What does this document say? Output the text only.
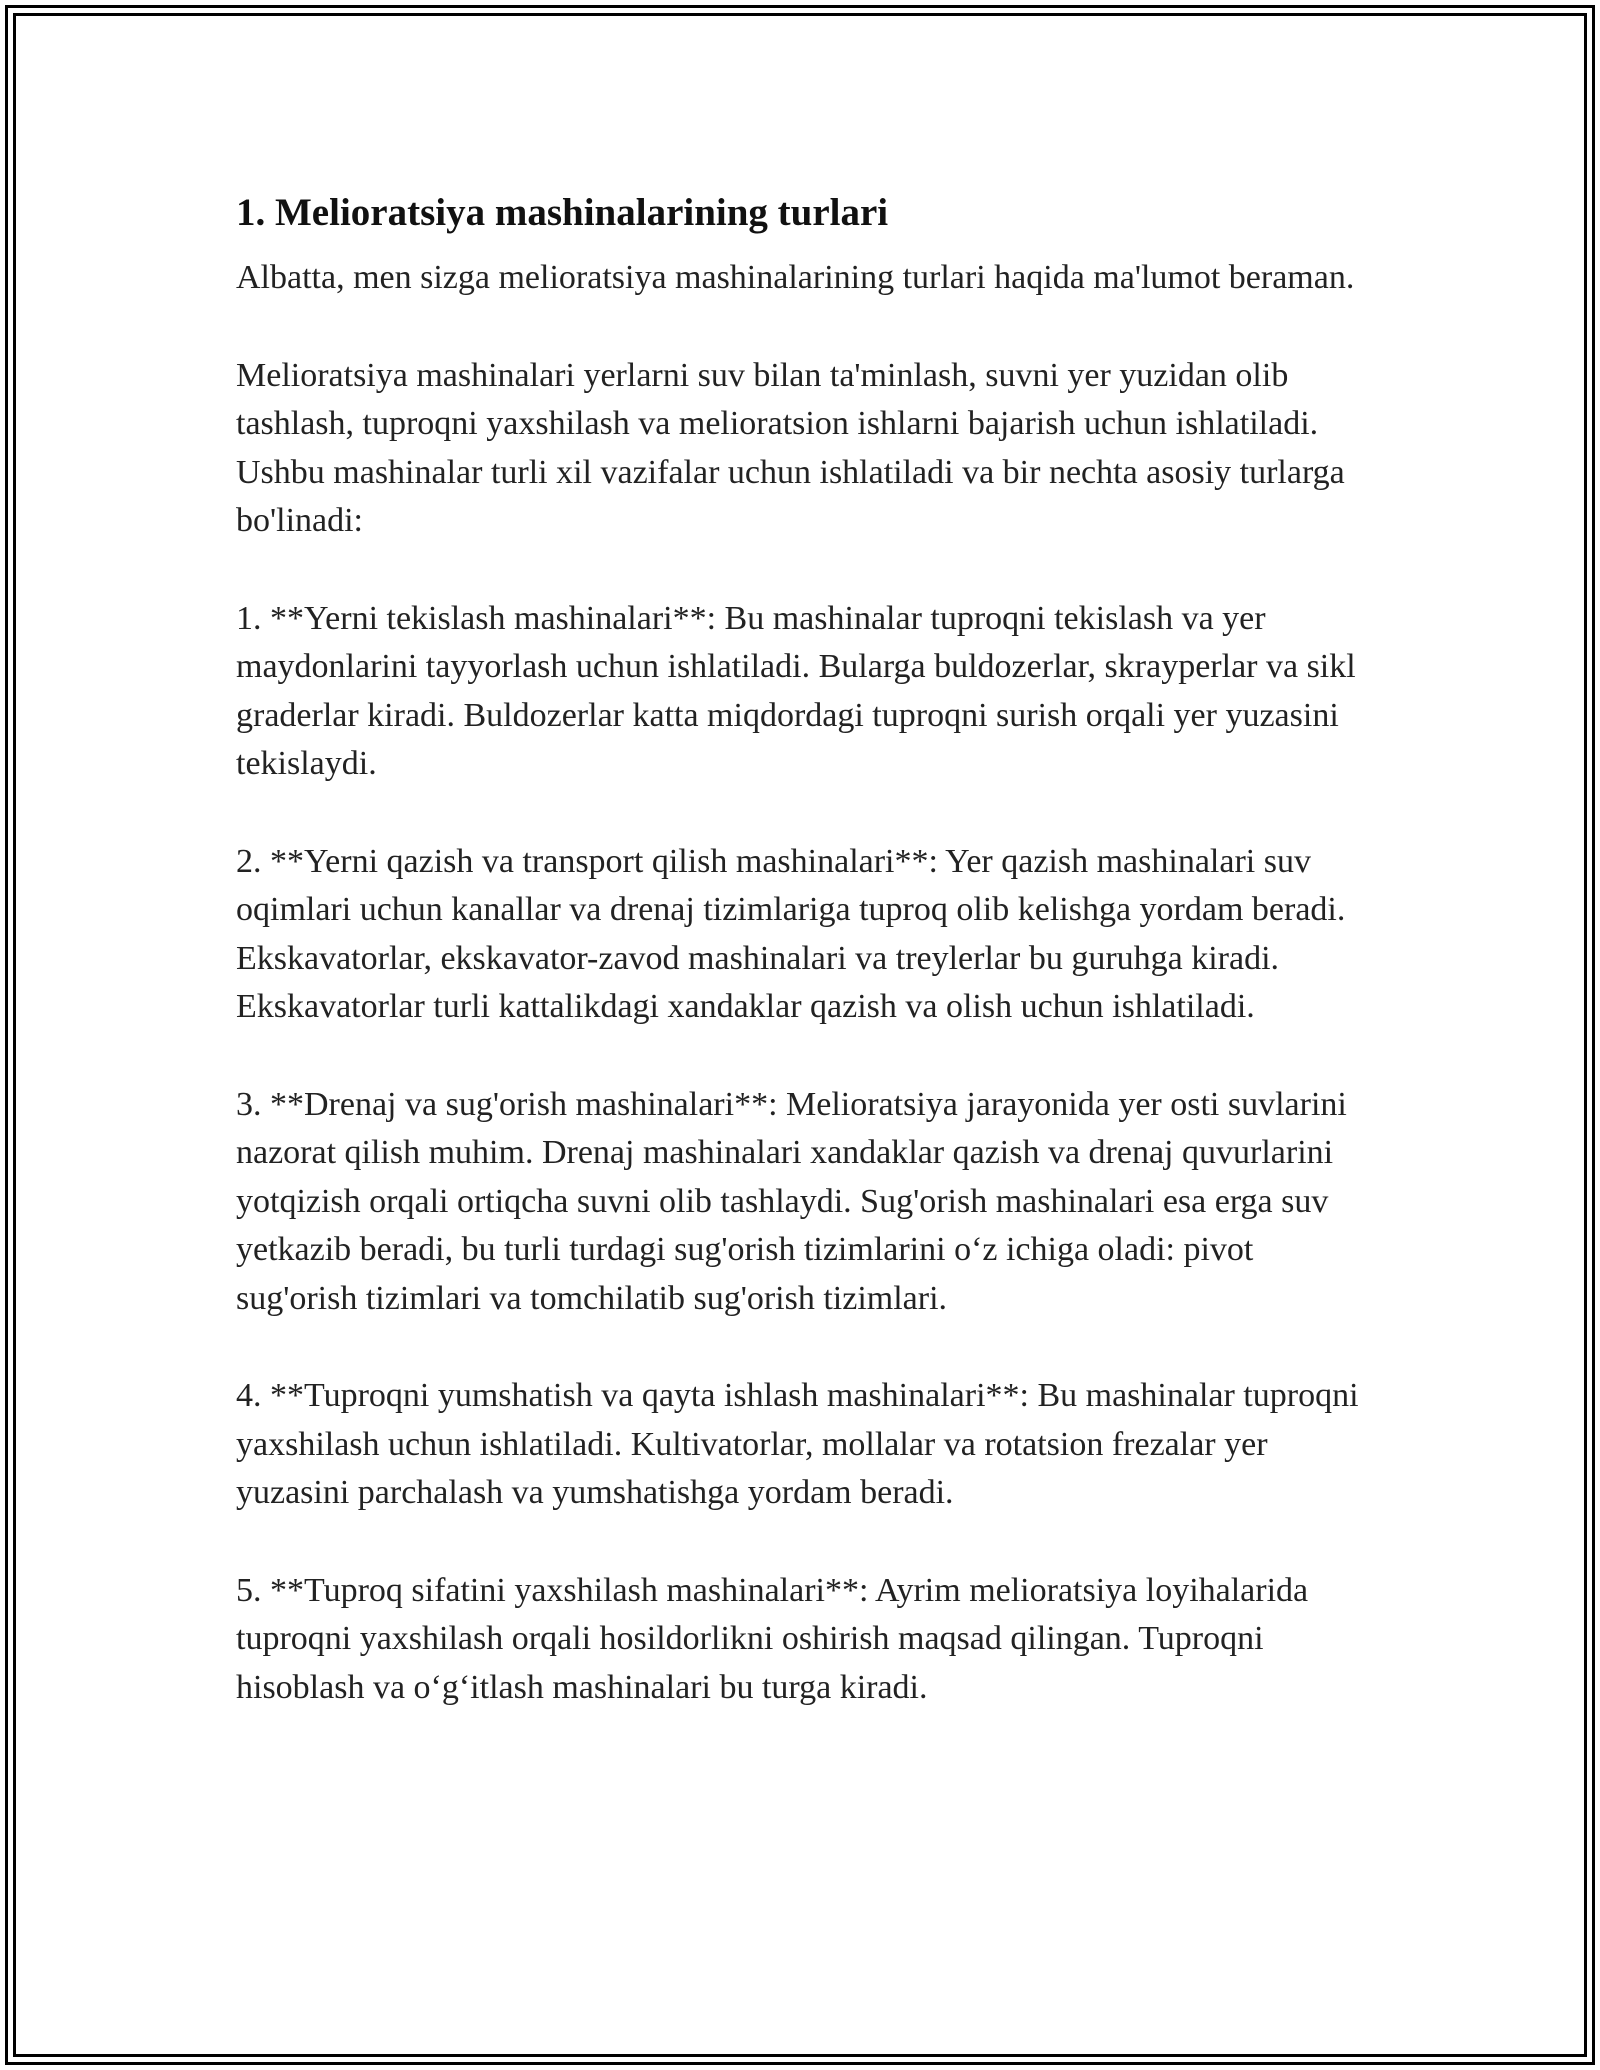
1. Melioratsiya mashinalarining turlari

Albatta, men sizga melioratsiya mashinalarining turlari haqida ma'lumot beraman.

Melioratsiya mashinalari yerlarni suv bilan ta'minlash, suvni yer yuzidan olib tashlash, tuproqni yaxshilash va melioratsion ishlarni bajarish uchun ishlatiladi. Ushbu mashinalar turli xil vazifalar uchun ishlatiladi va bir nechta asosiy turlarga bo'linadi:

1. **Yerni tekislash mashinalari**: Bu mashinalar tuproqni tekislash va yer maydonlarini tayyorlash uchun ishlatiladi. Bularga buldozerlar, skrayperlar va sikl graderlar kiradi. Buldozerlar katta miqdordagi tuproqni surish orqali yer yuzasini tekislaydi.

2. **Yerni qazish va transport qilish mashinalari**: Yer qazish mashinalari suv oqimlari uchun kanallar va drenaj tizimlariga tuproq olib kelishga yordam beradi. Ekskavatorlar, ekskavator-zavod mashinalari va treylerlar bu guruhga kiradi. Ekskavatorlar turli kattalikdagi xandaklar qazish va olish uchun ishlatiladi.

3. **Drenaj va sug'orish mashinalari**: Melioratsiya jarayonida yer osti suvlarini nazorat qilish muhim. Drenaj mashinalari xandaklar qazish va drenaj quvurlarini yotqizish orqali ortiqcha suvni olib tashlaydi. Sug'orish mashinalari esa erga suv yetkazib beradi, bu turli turdagi sug'orish tizimlarini o‘z ichiga oladi: pivot sug'orish tizimlari va tomchilatib sug'orish tizimlari.

4. **Tuproqni yumshatish va qayta ishlash mashinalari**: Bu mashinalar tuproqni yaxshilash uchun ishlatiladi. Kultivatorlar, mollalar va rotatsion frezalar yer yuzasini parchalash va yumshatishga yordam beradi.

5. **Tuproq sifatini yaxshilash mashinalari**: Ayrim melioratsiya loyihalarida tuproqni yaxshilash orqali hosildorlikni oshirish maqsad qilingan. Tuproqni hisoblash va o‘g‘itlash mashinalari bu turga kiradi.
